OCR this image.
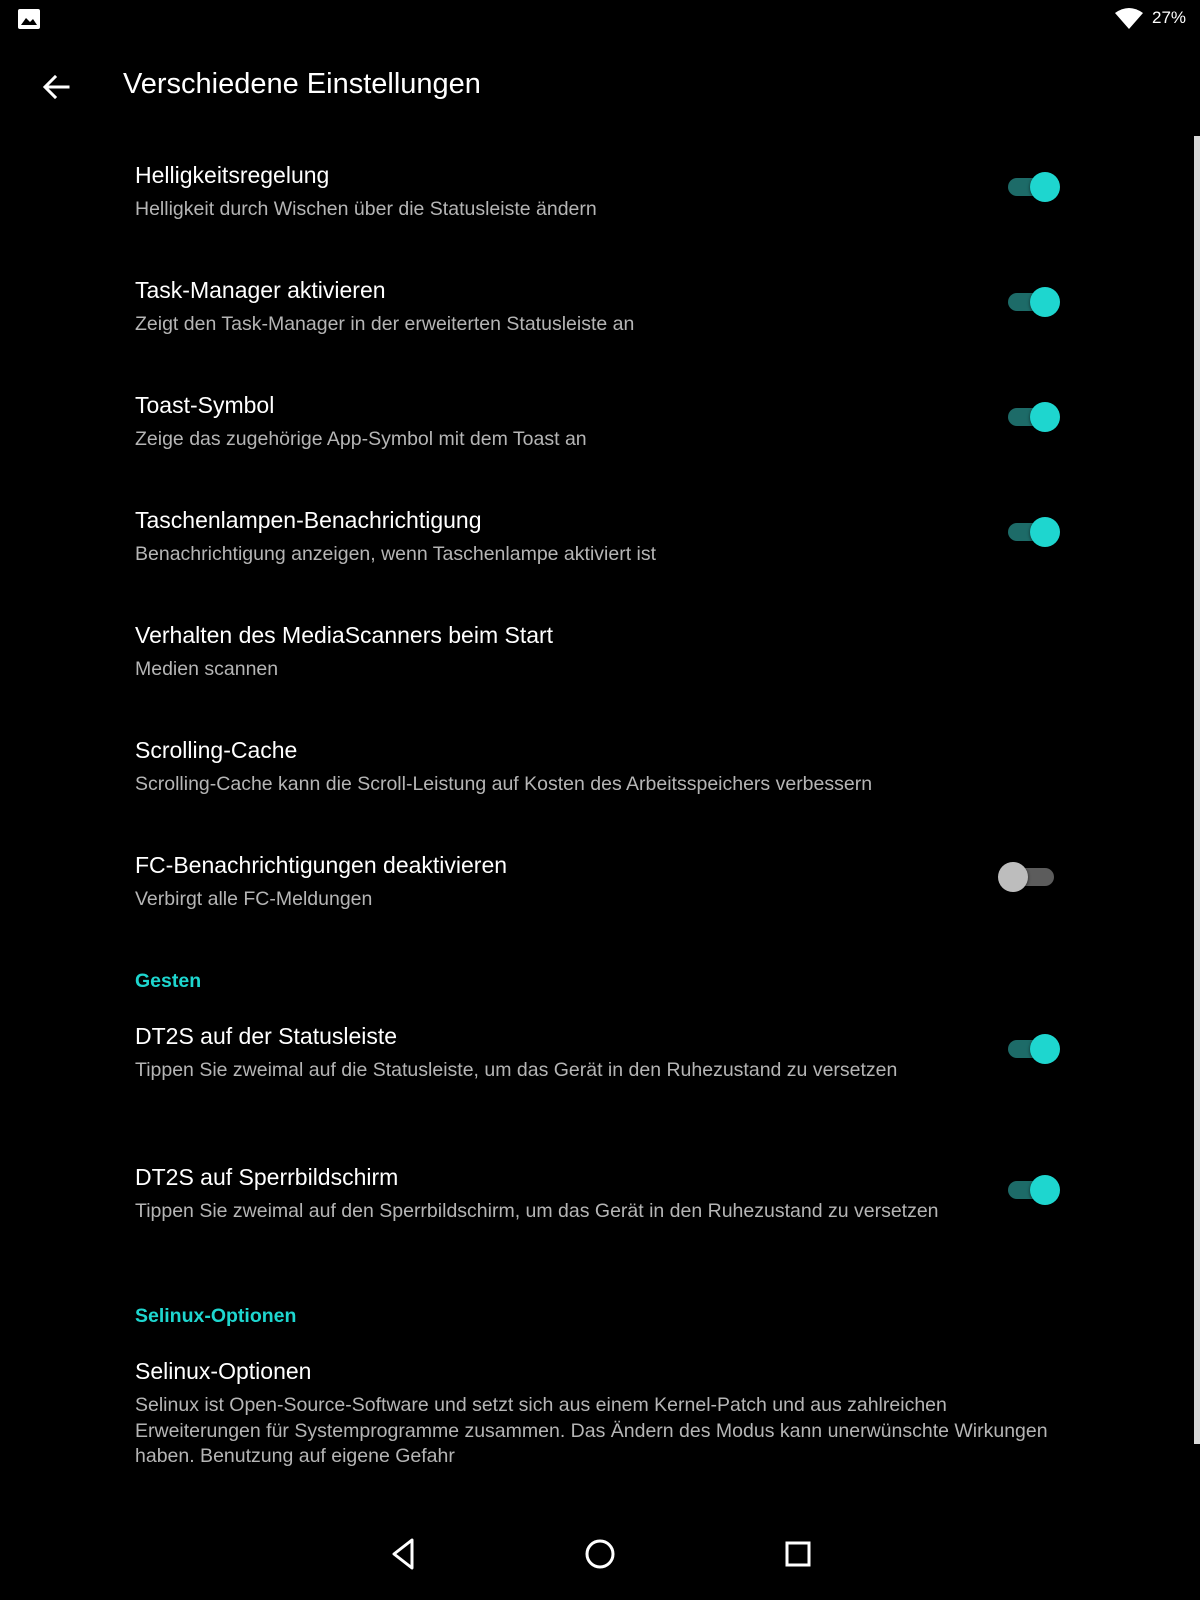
27%
Verschiedene Einstellungen
Helligkeitsregelung
Helligkeit durch Wischen über die Statusleiste ändern
Task-Manager aktivieren
Zeigt den Task-Manager in der erweiterten Statusleiste an
Toast-Symbol
Zeige das zugehörige App-Symbol mit dem Toast an
Taschenlampen-Benachrichtigung
Benachrichtigung anzeigen, wenn Taschenlampe aktiviert ist
Verhalten des MediaScanners beim Start
Medien scannen
Scrolling-Cache
Scrolling-Cache kann die Scroll-Leistung auf Kosten des Arbeitsspeichers verbessern
FC-Benachrichtigungen deaktivieren
Verbirgt alle FC-Meldungen
Gesten
DT2S auf der Statusleiste
Tippen Sie zweimal auf die Statusleiste, um das Gerät in den Ruhezustand zu versetzen
DT2S auf Sperrbildschirm
Tippen Sie zweimal auf den Sperrbildschirm, um das Gerät in den Ruhezustand zu versetzen
Selinux-Optionen
Selinux-Optionen
Selinux ist Open-Source-Software und setzt sich aus einem Kernel-Patch und aus zahlreichen Erweiterungen für Systemprogramme zusammen. Das Ändern des Modus kann unerwünschte Wirkungen haben. Benutzung auf eigene Gefahr
